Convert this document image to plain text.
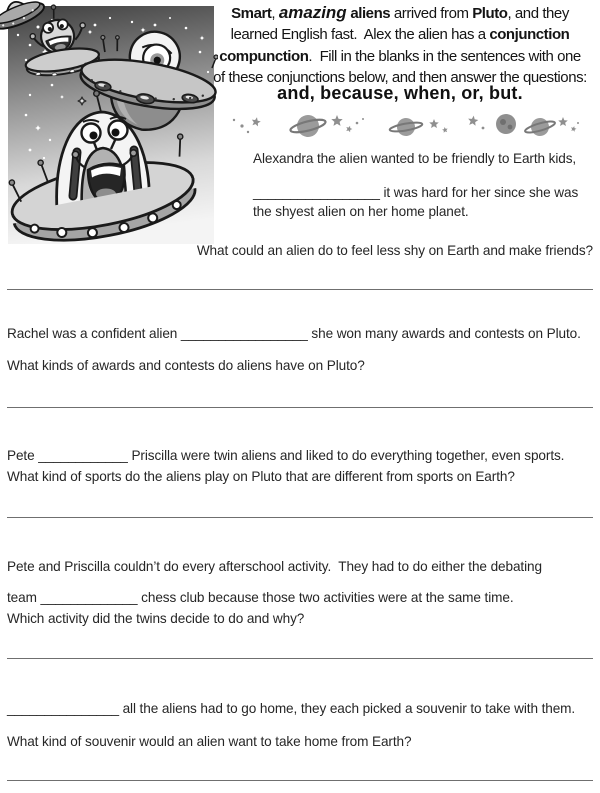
Smart, amazing aliens arrived from Pluto, and they
learned English fast.  Alex the alien has a conjunction
compunction.  Fill in the blanks in the sentences with one
of these conjunctions below, and then answer the questions:
and, because, when, or, but.
Alexandra the alien wanted to be friendly to Earth kids,
_________________ it was hard for her since she was
the shyest alien on her home planet.
What could an alien do to feel less shy on Earth and make friends?
Rachel was a confident alien _________________ she won many awards and contests on Pluto.
What kinds of awards and contests do aliens have on Pluto?
Pete ____________ Priscilla were twin aliens and liked to do everything together, even sports.
What kind of sports do the aliens play on Pluto that are different from sports on Earth?
Pete and Priscilla couldn’t do every afterschool activity.  They had to do either the debating
team _____________ chess club because those two activities were at the same time.
Which activity did the twins decide to do and why?
_______________ all the aliens had to go home, they each picked a souvenir to take with them.
What kind of souvenir would an alien want to take home from Earth?
